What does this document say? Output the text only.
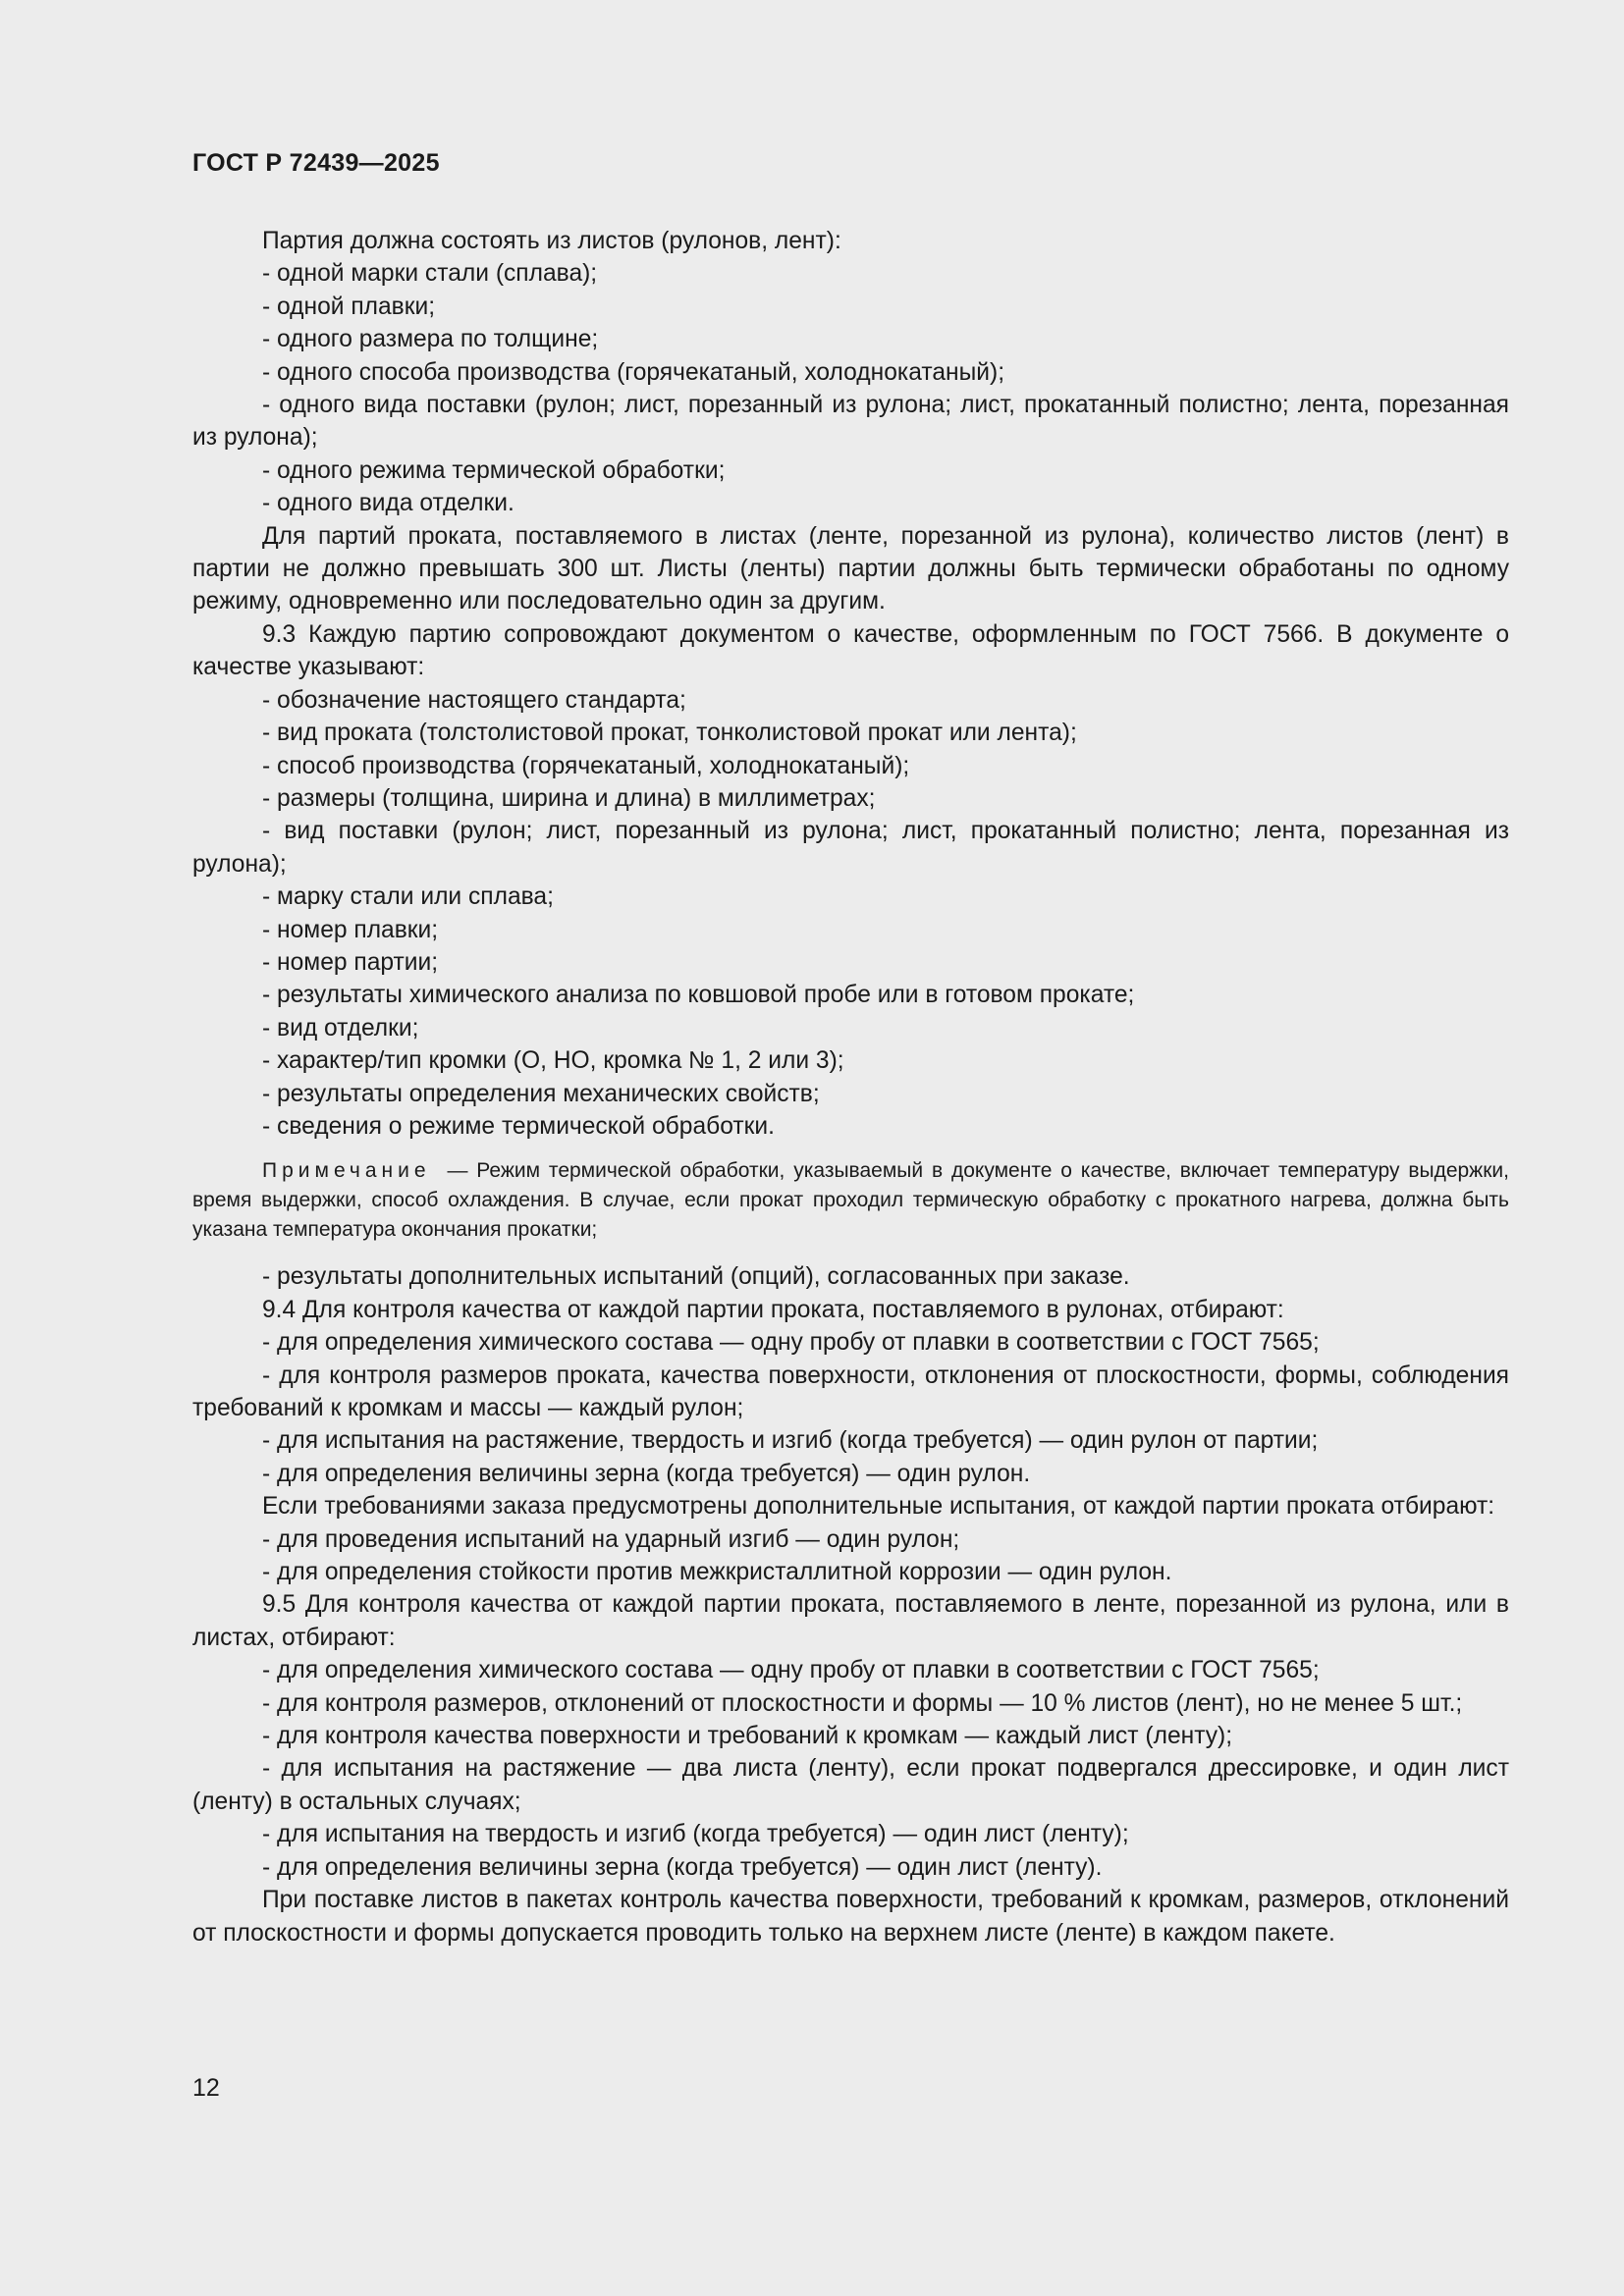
ГОСТ Р 72439—2025

Партия должна состоять из листов (рулонов, лент):

- одной марки стали (сплава);

- одной плавки;

- одного размера по толщине;

- одного способа производства (горячекатаный, холоднокатаный);

- одного вида поставки (рулон; лист, порезанный из рулона; лист, прокатанный полистно; лента, порезанная из рулона);

- одного режима термической обработки;

- одного вида отделки.

Для партий проката, поставляемого в листах (ленте, порезанной из рулона), количество листов (лент) в партии не должно превышать 300 шт. Листы (ленты) партии должны быть термически обработаны по одному режиму, одновременно или последовательно один за другим.

9.3 Каждую партию сопровождают документом о качестве, оформленным по ГОСТ 7566. В документе о качестве указывают:

- обозначение настоящего стандарта;

- вид проката (толстолистовой прокат, тонколистовой прокат или лента);

- способ производства (горячекатаный, холоднокатаный);

- размеры (толщина, ширина и длина) в миллиметрах;

- вид поставки (рулон; лист, порезанный из рулона; лист, прокатанный полистно; лента, порезанная из рулона);

- марку стали или сплава;

- номер плавки;

- номер партии;

- результаты химического анализа по ковшовой пробе или в готовом прокате;

- вид отделки;

- характер/тип кромки (О, НО, кромка № 1, 2 или 3);

- результаты определения механических свойств;

- сведения о режиме термической обработки.

Примечание — Режим термической обработки, указываемый в документе о качестве, включает температуру выдержки, время выдержки, способ охлаждения. В случае, если прокат проходил термическую обработку с прокатного нагрева, должна быть указана температура окончания прокатки;

- результаты дополнительных испытаний (опций), согласованных при заказе.

9.4 Для контроля качества от каждой партии проката, поставляемого в рулонах, отбирают:

- для определения химического состава — одну пробу от плавки в соответствии с ГОСТ 7565;

- для контроля размеров проката, качества поверхности, отклонения от плоскостности, формы, соблюдения требований к кромкам и массы — каждый рулон;

- для испытания на растяжение, твердость и изгиб (когда требуется) — один рулон от партии;

- для определения величины зерна (когда требуется) — один рулон.

Если требованиями заказа предусмотрены дополнительные испытания, от каждой партии проката отбирают:

- для проведения испытаний на ударный изгиб — один рулон;

- для определения стойкости против межкристаллитной коррозии — один рулон.

9.5 Для контроля качества от каждой партии проката, поставляемого в ленте, порезанной из рулона, или в листах, отбирают:

- для определения химического состава — одну пробу от плавки в соответствии с ГОСТ 7565;

- для контроля размеров, отклонений от плоскостности и формы — 10 % листов (лент), но не менее 5 шт.;

- для контроля качества поверхности и требований к кромкам — каждый лист (ленту);

- для испытания на растяжение — два листа (ленту), если прокат подвергался дрессировке, и один лист (ленту) в остальных случаях;

- для испытания на твердость и изгиб (когда требуется) — один лист (ленту);

- для определения величины зерна (когда требуется) — один лист (ленту).

При поставке листов в пакетах контроль качества поверхности, требований к кромкам, размеров, отклонений от плоскостности и формы допускается проводить только на верхнем листе (ленте) в каждом пакете.

12
